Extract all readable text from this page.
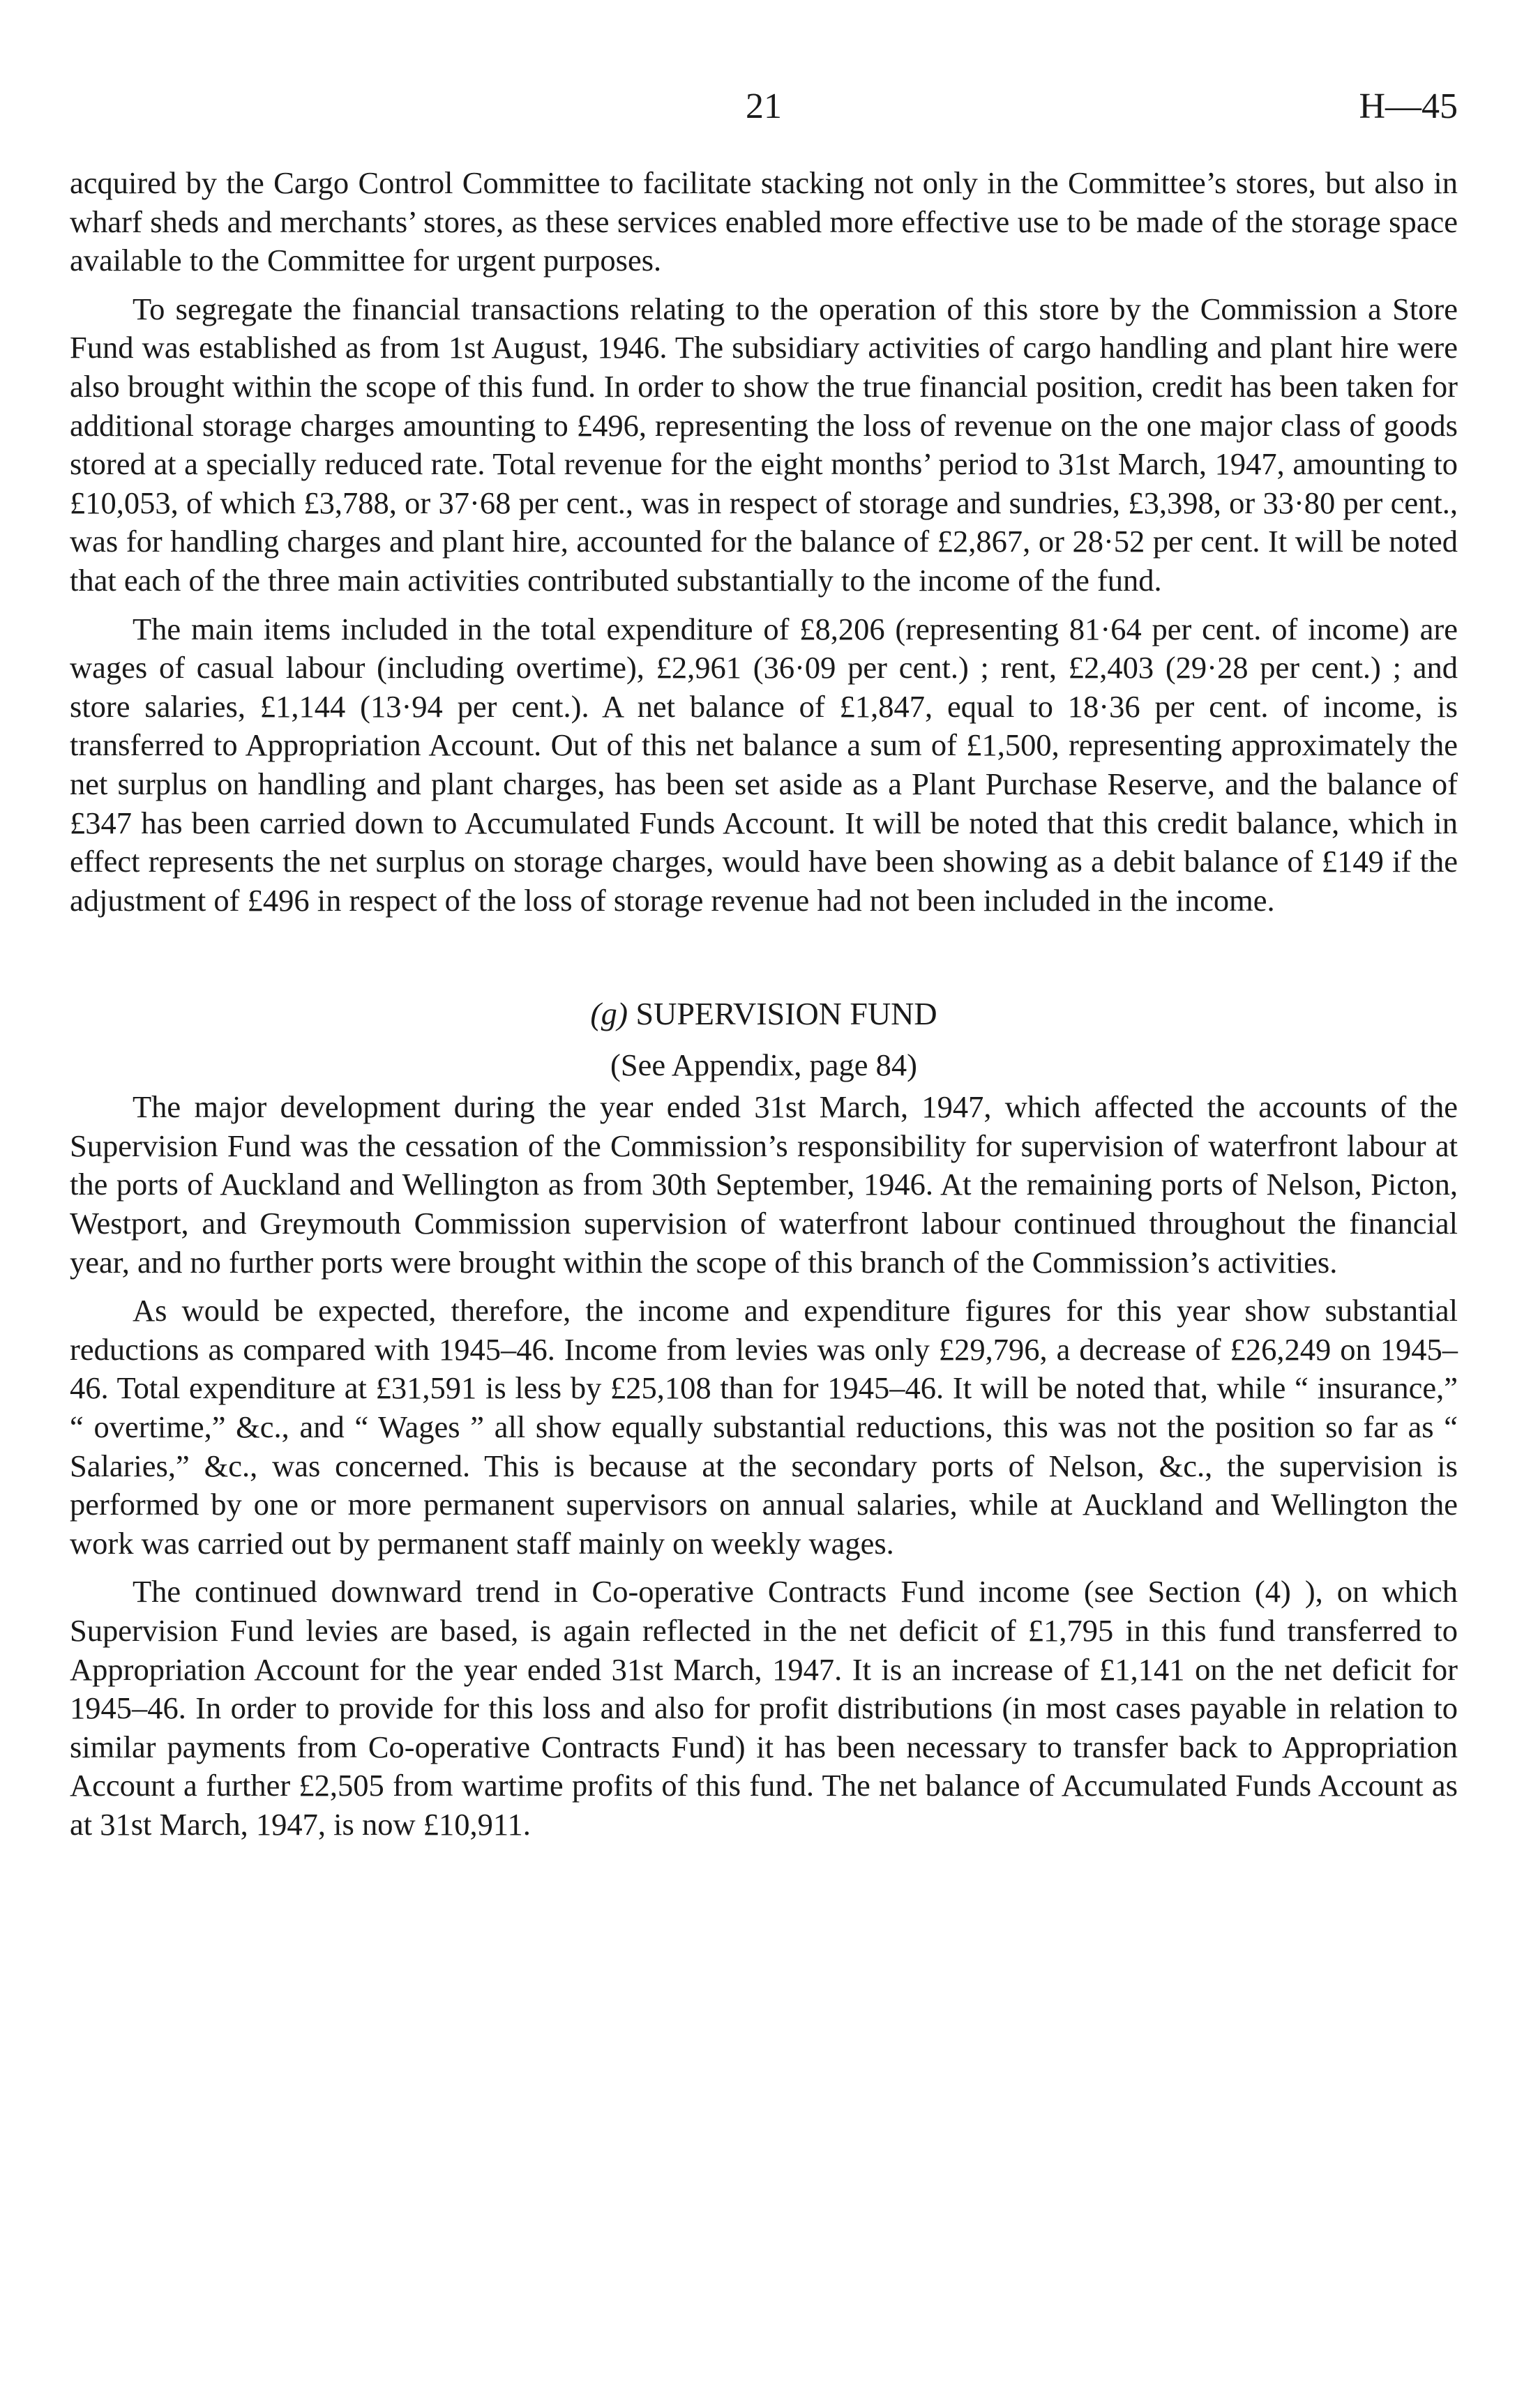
21	H—45

acquired by the Cargo Control Committee to facilitate stacking not only in the Committee’s stores, but also in wharf sheds and merchants’ stores, as these services enabled more effective use to be made of the storage space available to the Committee for urgent purposes.

To segregate the financial transactions relating to the operation of this store by the Commission a Store Fund was established as from 1st August, 1946. The subsidiary activities of cargo handling and plant hire were also brought within the scope of this fund. In order to show the true financial position, credit has been taken for additional storage charges amounting to £496, representing the loss of revenue on the one major class of goods stored at a specially reduced rate. Total revenue for the eight months’ period to 31st March, 1947, amounting to £10,053, of which £3,788, or 37·68 per cent., was in respect of storage and sundries, £3,398, or 33·80 per cent., was for handling charges and plant hire, accounted for the balance of £2,867, or 28·52 per cent. It will be noted that each of the three main activities contributed substantially to the income of the fund.

The main items included in the total expenditure of £8,206 (representing 81·64 per cent. of income) are wages of casual labour (including overtime), £2,961 (36·09 per cent.) ; rent, £2,403 (29·28 per cent.) ; and store salaries, £1,144 (13·94 per cent.). A net balance of £1,847, equal to 18·36 per cent. of income, is transferred to Appropriation Account. Out of this net balance a sum of £1,500, representing approximately the net surplus on handling and plant charges, has been set aside as a Plant Purchase Reserve, and the balance of £347 has been carried down to Accumulated Funds Account. It will be noted that this credit balance, which in effect represents the net surplus on storage charges, would have been showing as a debit balance of £149 if the adjustment of £496 in respect of the loss of storage revenue had not been included in the income.

(g) SUPERVISION FUND
(See Appendix, page 84)

The major development during the year ended 31st March, 1947, which affected the accounts of the Supervision Fund was the cessation of the Commission’s responsibility for supervision of waterfront labour at the ports of Auckland and Wellington as from 30th September, 1946. At the remaining ports of Nelson, Picton, Westport, and Greymouth Commission supervision of waterfront labour continued throughout the financial year, and no further ports were brought within the scope of this branch of the Commission’s activities.

As would be expected, therefore, the income and expenditure figures for this year show substantial reductions as compared with 1945–46. Income from levies was only £29,796, a decrease of £26,249 on 1945–46. Total expenditure at £31,591 is less by £25,108 than for 1945–46. It will be noted that, while “ insurance,” “ overtime,” &c., and “ Wages ” all show equally substantial reductions, this was not the position so far as “ Salaries,” &c., was concerned. This is because at the secondary ports of Nelson, &c., the supervision is performed by one or more permanent supervisors on annual salaries, while at Auckland and Wellington the work was carried out by permanent staff mainly on weekly wages.

The continued downward trend in Co-operative Contracts Fund income (see Section (4) ), on which Supervision Fund levies are based, is again reflected in the net deficit of £1,795 in this fund transferred to Appropriation Account for the year ended 31st March, 1947. It is an increase of £1,141 on the net deficit for 1945–46. In order to provide for this loss and also for profit distributions (in most cases payable in relation to similar payments from Co-operative Contracts Fund) it has been necessary to transfer back to Appropriation Account a further £2,505 from wartime profits of this fund. The net balance of Accumulated Funds Account as at 31st March, 1947, is now £10,911.
